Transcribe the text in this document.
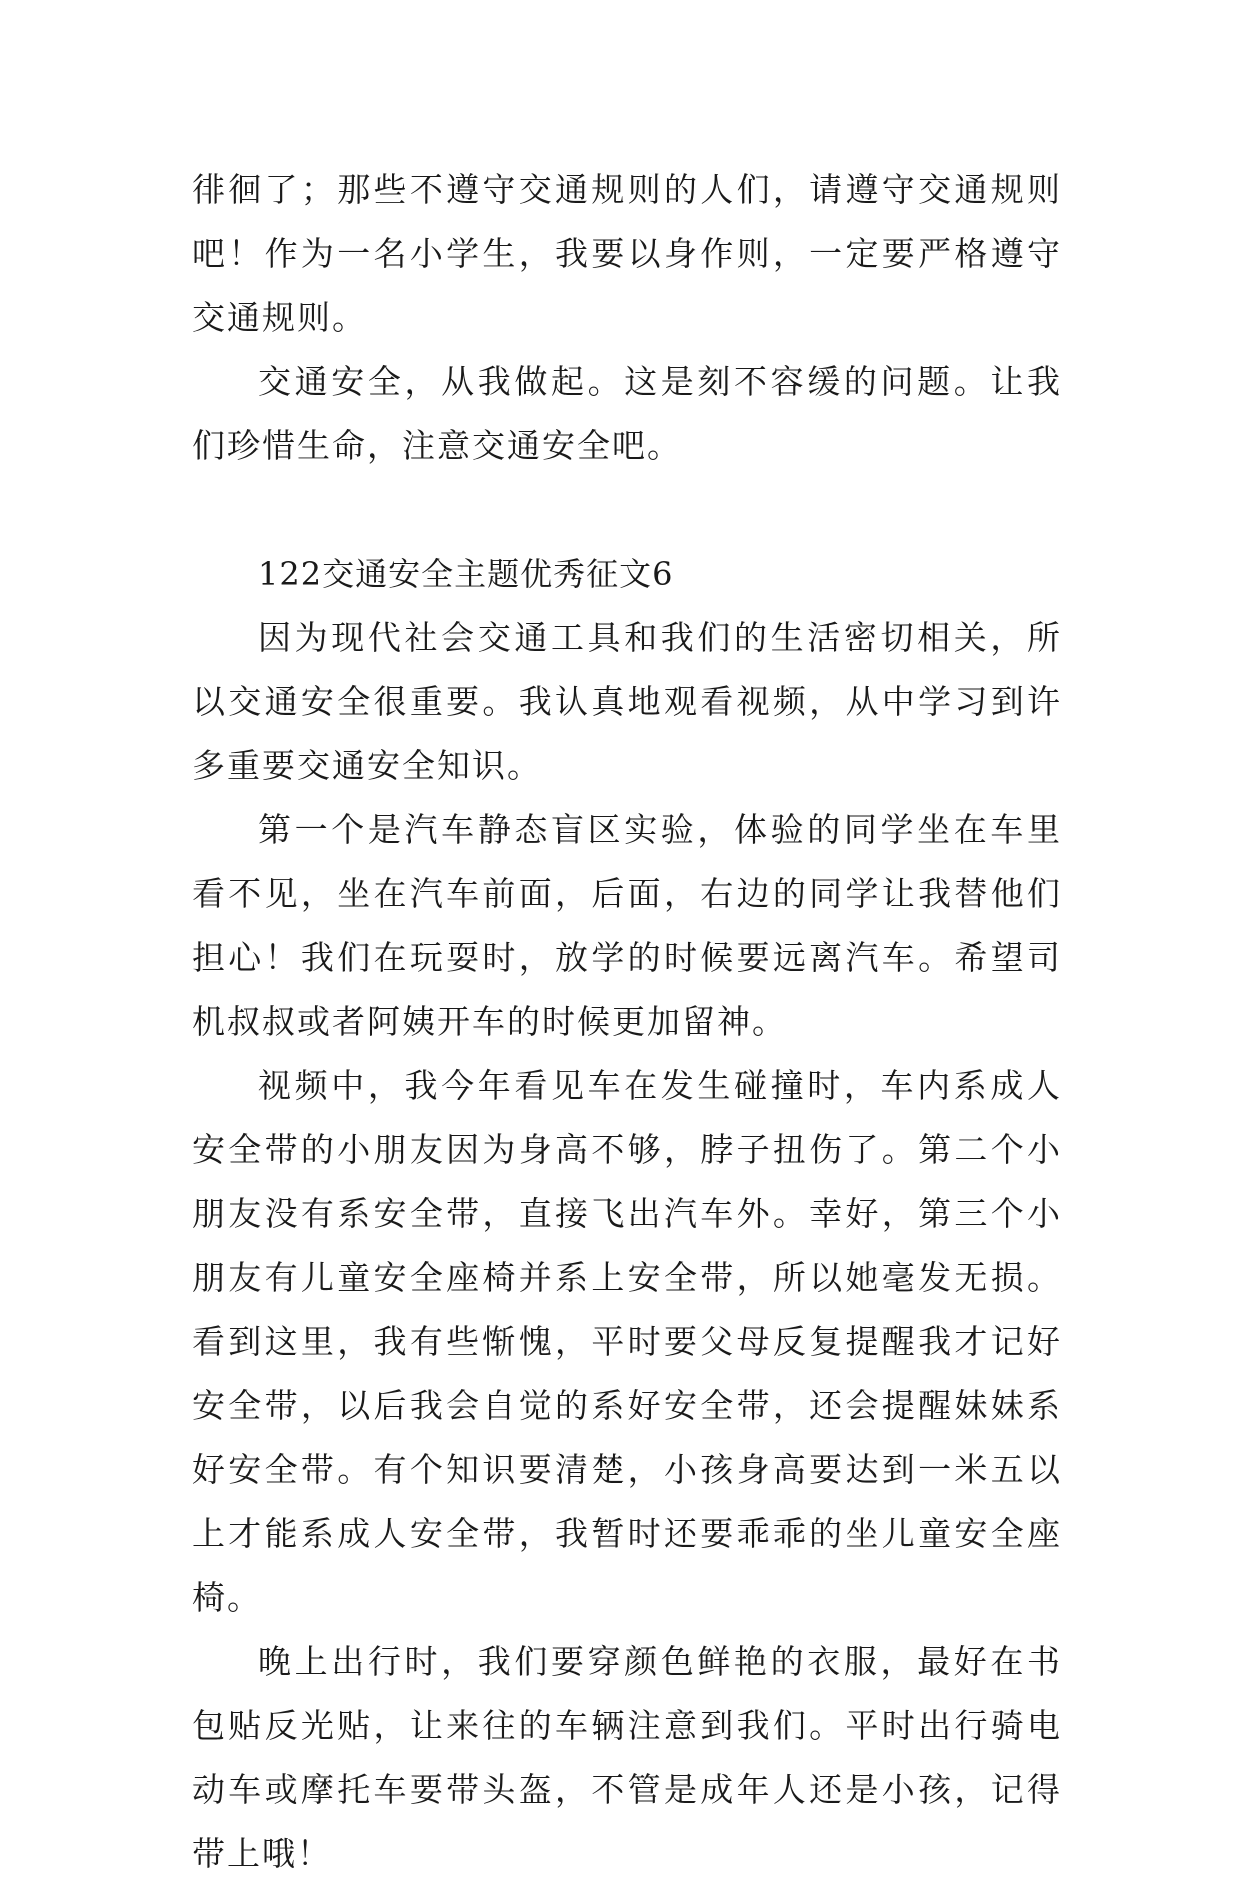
徘徊了；那些不遵守交通规则的人们，请遵守交通规则吧！作为一名小学生，我要以身作则，一定要严格遵守交通规则。

交通安全，从我做起。这是刻不容缓的问题。让我们珍惜生命，注意交通安全吧。

122交通安全主题优秀征文6

因为现代社会交通工具和我们的生活密切相关，所以交通安全很重要。我认真地观看视频，从中学习到许多重要交通安全知识。

第一个是汽车静态盲区实验，体验的同学坐在车里看不见，坐在汽车前面，后面，右边的同学让我替他们担心！我们在玩耍时，放学的时候要远离汽车。希望司机叔叔或者阿姨开车的时候更加留神。

视频中，我今年看见车在发生碰撞时，车内系成人安全带的小朋友因为身高不够，脖子扭伤了。第二个小朋友没有系安全带，直接飞出汽车外。幸好，第三个小朋友有儿童安全座椅并系上安全带，所以她毫发无损。看到这里，我有些惭愧，平时要父母反复提醒我才记好安全带，以后我会自觉的系好安全带，还会提醒妹妹系好安全带。有个知识要清楚，小孩身高要达到一米五以上才能系成人安全带，我暂时还要乖乖的坐儿童安全座椅。

晚上出行时，我们要穿颜色鲜艳的衣服，最好在书包贴反光贴，让来往的车辆注意到我们。平时出行骑电动车或摩托车要带头盔，不管是成年人还是小孩，记得带上哦！
